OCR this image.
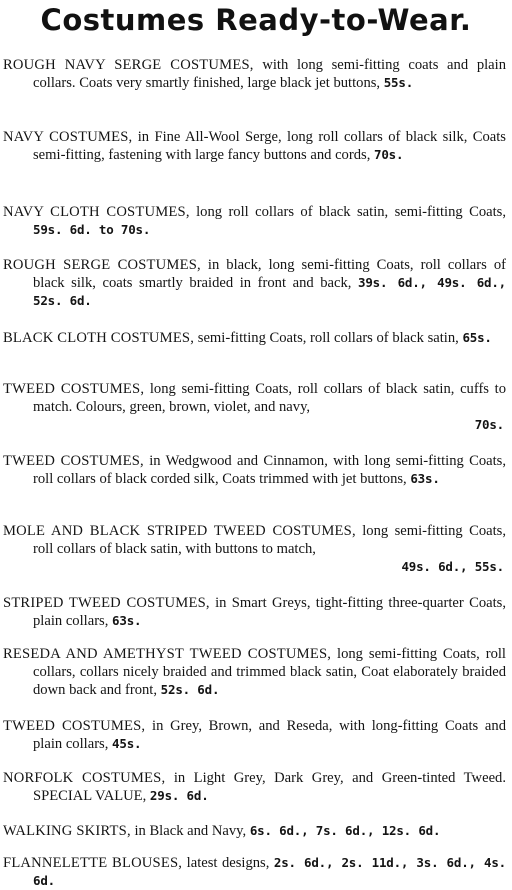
Costumes Ready-to-Wear.
ROUGH NAVY SERGE COSTUMES, with long semi-fitting coats and plain collars. Coats very smartly finished, large black jet buttons, 55s.
NAVY COSTUMES, in Fine All-Wool Serge, long roll collars of black silk, Coats semi-fitting, fastening with large fancy buttons and cords, 70s.
NAVY CLOTH COSTUMES, long roll collars of black satin, semi-fitting Coats, 59s. 6d. to 70s.
ROUGH SERGE COSTUMES, in black, long semi-fitting Coats, roll collars of black silk, coats smartly braided in front and back, 39s. 6d., 49s. 6d., 52s. 6d.
BLACK CLOTH COSTUMES, semi-fitting Coats, roll collars of black satin, 65s.
TWEED COSTUMES, long semi-fitting Coats, roll collars of black satin, cuffs to match. Colours, green, brown, violet, and navy,
70s.
TWEED COSTUMES, in Wedgwood and Cinnamon, with long semi-fitting Coats, roll collars of black corded silk, Coats trimmed with jet buttons, 63s.
MOLE AND BLACK STRIPED TWEED COSTUMES, long semi-fitting Coats, roll collars of black satin, with buttons to match,
49s. 6d., 55s.
STRIPED TWEED COSTUMES, in Smart Greys, tight-fitting three-quarter Coats, plain collars, 63s.
RESEDA AND AMETHYST TWEED COSTUMES, long semi-fitting Coats, roll collars, collars nicely braided and trimmed black satin, Coat elaborately braided down back and front, 52s. 6d.
TWEED COSTUMES, in Grey, Brown, and Reseda, with long-fitting Coats and plain collars, 45s.
NORFOLK COSTUMES, in Light Grey, Dark Grey, and Green-tinted Tweed. SPECIAL VALUE, 29s. 6d.
WALKING SKIRTS, in Black and Navy, 6s. 6d., 7s. 6d., 12s. 6d.
FLANNELETTE BLOUSES, latest designs, 2s. 6d., 2s. 11d., 3s. 6d., 4s. 6d.
